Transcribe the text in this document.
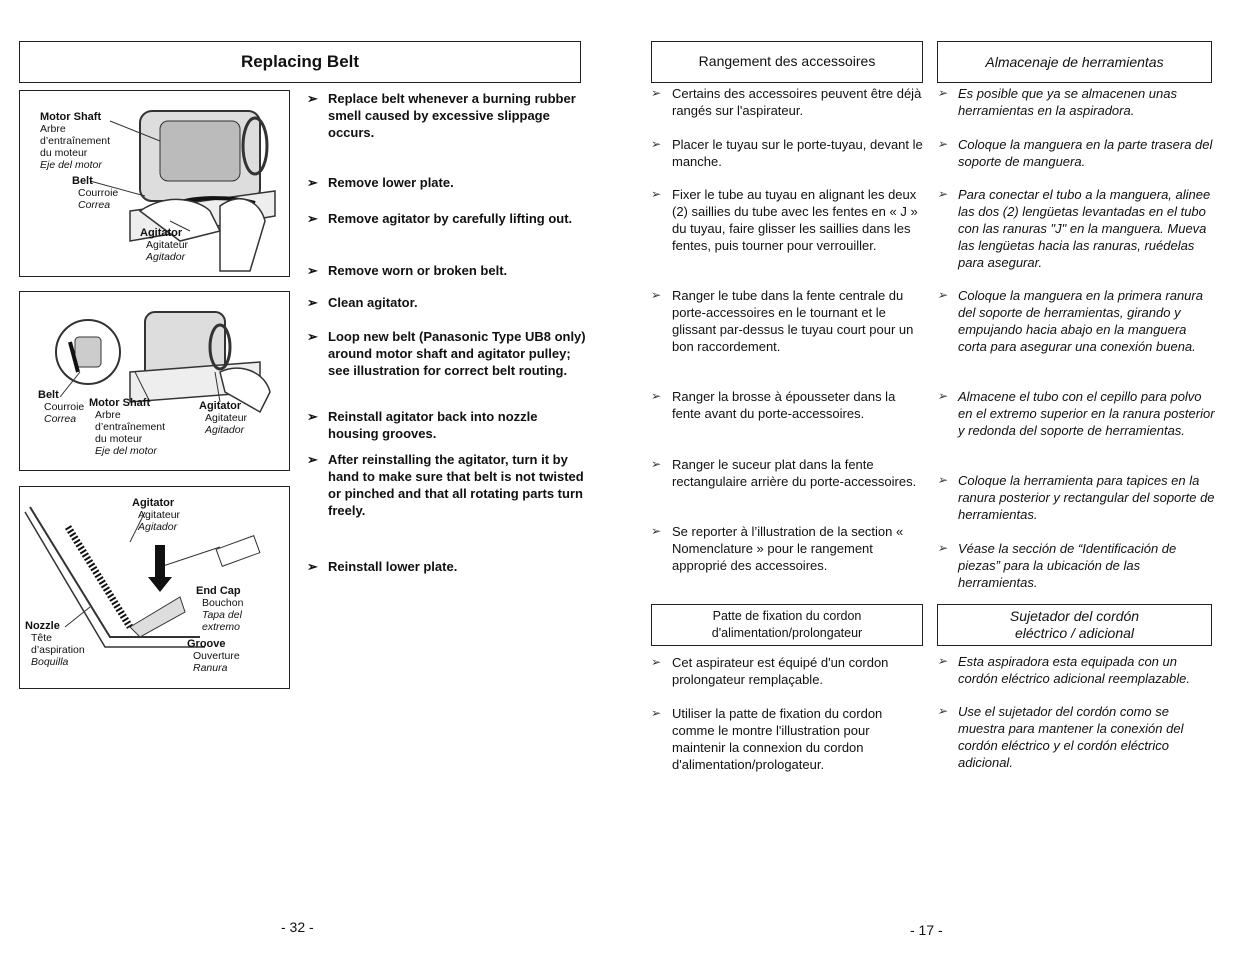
Replacing Belt
Motor Shaft
Arbre d’entraînement du moteur
Eje del motor
Belt
Courroie
Correa
Agitator
Agitateur
Agitador
Belt
Courroie
Correa
Motor Shaft
Arbre d’entraînement du moteur
Eje del motor
Agitator
Agitateur
Agitador
Agitator
Agitateur
Agitador
End Cap
Bouchon
Tapa del extremo
Nozzle
Tête d’aspiration
Boquilla
Groove
Ouverture
Ranura
➢ Replace belt whenever a burning rubber smell caused by excessive slippage occurs.
➢ Remove lower plate.
➢ Remove agitator by carefully lifting out.
➢ Remove worn or broken belt.
➢ Clean agitator.
➢ Loop new belt (Panasonic Type UB8 only) around motor shaft and agitator pulley; see illustration for correct belt routing.
➢ Reinstall agitator back into nozzle housing grooves.
➢ After reinstalling the agitator, turn it by hand to make sure that belt is not twisted or pinched and that all rotating parts turn freely.
➢ Reinstall lower plate.
- 32 -
Rangement des accessoires	Almacenaje de herramientas
➢ Certains des accessoires peuvent être déjà rangés sur l'aspirateur.
➢ Placer le tuyau sur le porte-tuyau, devant le manche.
➢ Fixer le tube au tuyau en alignant les deux (2) saillies du tube avec les fentes en « J » du tuyau, faire glisser les saillies dans les fentes, puis tourner pour verrouiller.
➢ Ranger le tube dans la fente centrale du porte-accessoires en le tournant et le glissant par-dessus le tuyau court pour un bon raccordement.
➢ Ranger la brosse à épousseter dans la fente avant du porte-accessoires.
➢ Ranger le suceur plat dans la fente rectangulaire arrière du porte-accessoires.
➢ Se reporter à l’illustration de la section « Nomenclature » pour le rangement approprié des accessoires.
➢ Es posible que ya se almacenen unas herramientas en la aspiradora.
➢ Coloque la manguera en la parte trasera del soporte de manguera.
➢ Para conectar el tubo a la manguera, alinee las dos (2) lengüetas levantadas en el tubo con las ranuras "J" en la manguera. Mueva las lengüetas hacia las ranuras, ruédelas para asegurar.
➢ Coloque la manguera en la primera ranura del soporte de herramientas, girando y empujando hacia abajo en la manguera corta para asegurar una conexión buena.
➢ Almacene el tubo con el cepillo para polvo en el extremo superior en la ranura posterior y redonda del soporte de herramientas.
➢ Coloque la herramienta para tapices en la ranura posterior y rectangular del soporte de herramientas.
➢ Véase la sección de “Identificación de piezas” para la ubicación de las herramientas.
Patte de fixation du cordon d'alimentation/prolongateur
Sujetador del cordón eléctrico / adicional
➢ Cet aspirateur est équipé d'un cordon prolongateur remplaçable.
➢ Utiliser la patte de fixation du cordon comme le montre l'illustration pour maintenir la connexion du cordon d'alimentation/prologateur.
➢ Esta aspiradora esta equipada con un cordón eléctrico adicional reemplazable.
➢ Use el sujetador del cordón como se muestra para mantener la conexión del cordón eléctrico y el cordón eléctrico adicional.
- 17 -
